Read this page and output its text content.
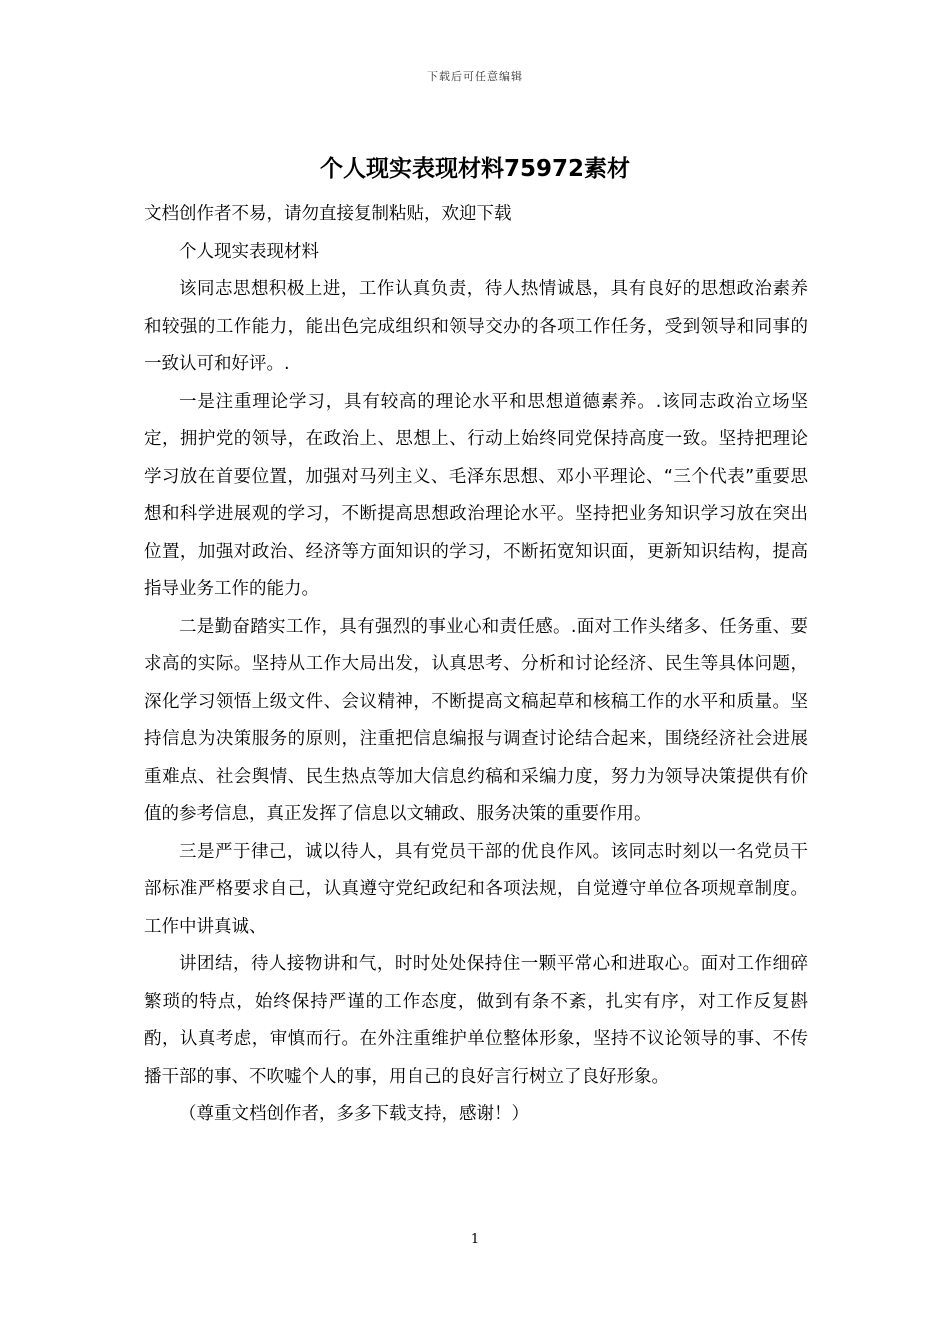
下载后可任意编辑
个人现实表现材料75972素材

文档创作者不易，请勿直接复制粘贴，欢迎下载

个人现实表现材料

该同志思想积极上进，工作认真负责，待人热情诚恳，具有良好的思想政治素养和较强的工作能力，能出色完成组织和领导交办的各项工作任务，受到领导和同事的一致认可和好评。.

一是注重理论学习，具有较高的理论水平和思想道德素养。.该同志政治立场坚定，拥护党的领导，在政治上、思想上、行动上始终同党保持高度一致。坚持把理论学习放在首要位置，加强对马列主义、毛泽东思想、邓小平理论、“三个代表”重要思想和科学进展观的学习，不断提高思想政治理论水平。坚持把业务知识学习放在突出位置，加强对政治、经济等方面知识的学习，不断拓宽知识面，更新知识结构，提高指导业务工作的能力。

二是勤奋踏实工作，具有强烈的事业心和责任感。.面对工作头绪多、任务重、要求高的实际。坚持从工作大局出发，认真思考、分析和讨论经济、民生等具体问题，深化学习领悟上级文件、会议精神，不断提高文稿起草和核稿工作的水平和质量。坚持信息为决策服务的原则，注重把信息编报与调查讨论结合起来，围绕经济社会进展重难点、社会舆情、民生热点等加大信息约稿和采编力度，努力为领导决策提供有价值的参考信息，真正发挥了信息以文辅政、服务决策的重要作用。

三是严于律己，诚以待人，具有党员干部的优良作风。该同志时刻以一名党员干部标准严格要求自己，认真遵守党纪政纪和各项法规，自觉遵守单位各项规章制度。工作中讲真诚、

讲团结，待人接物讲和气，时时处处保持住一颗平常心和进取心。面对工作细碎繁琐的特点，始终保持严谨的工作态度，做到有条不紊，扎实有序，对工作反复斟酌，认真考虑，审慎而行。在外注重维护单位整体形象，坚持不议论领导的事、不传播干部的事、不吹嘘个人的事，用自己的良好言行树立了良好形象。

（尊重文档创作者，多多下载支持，感谢！）

1
